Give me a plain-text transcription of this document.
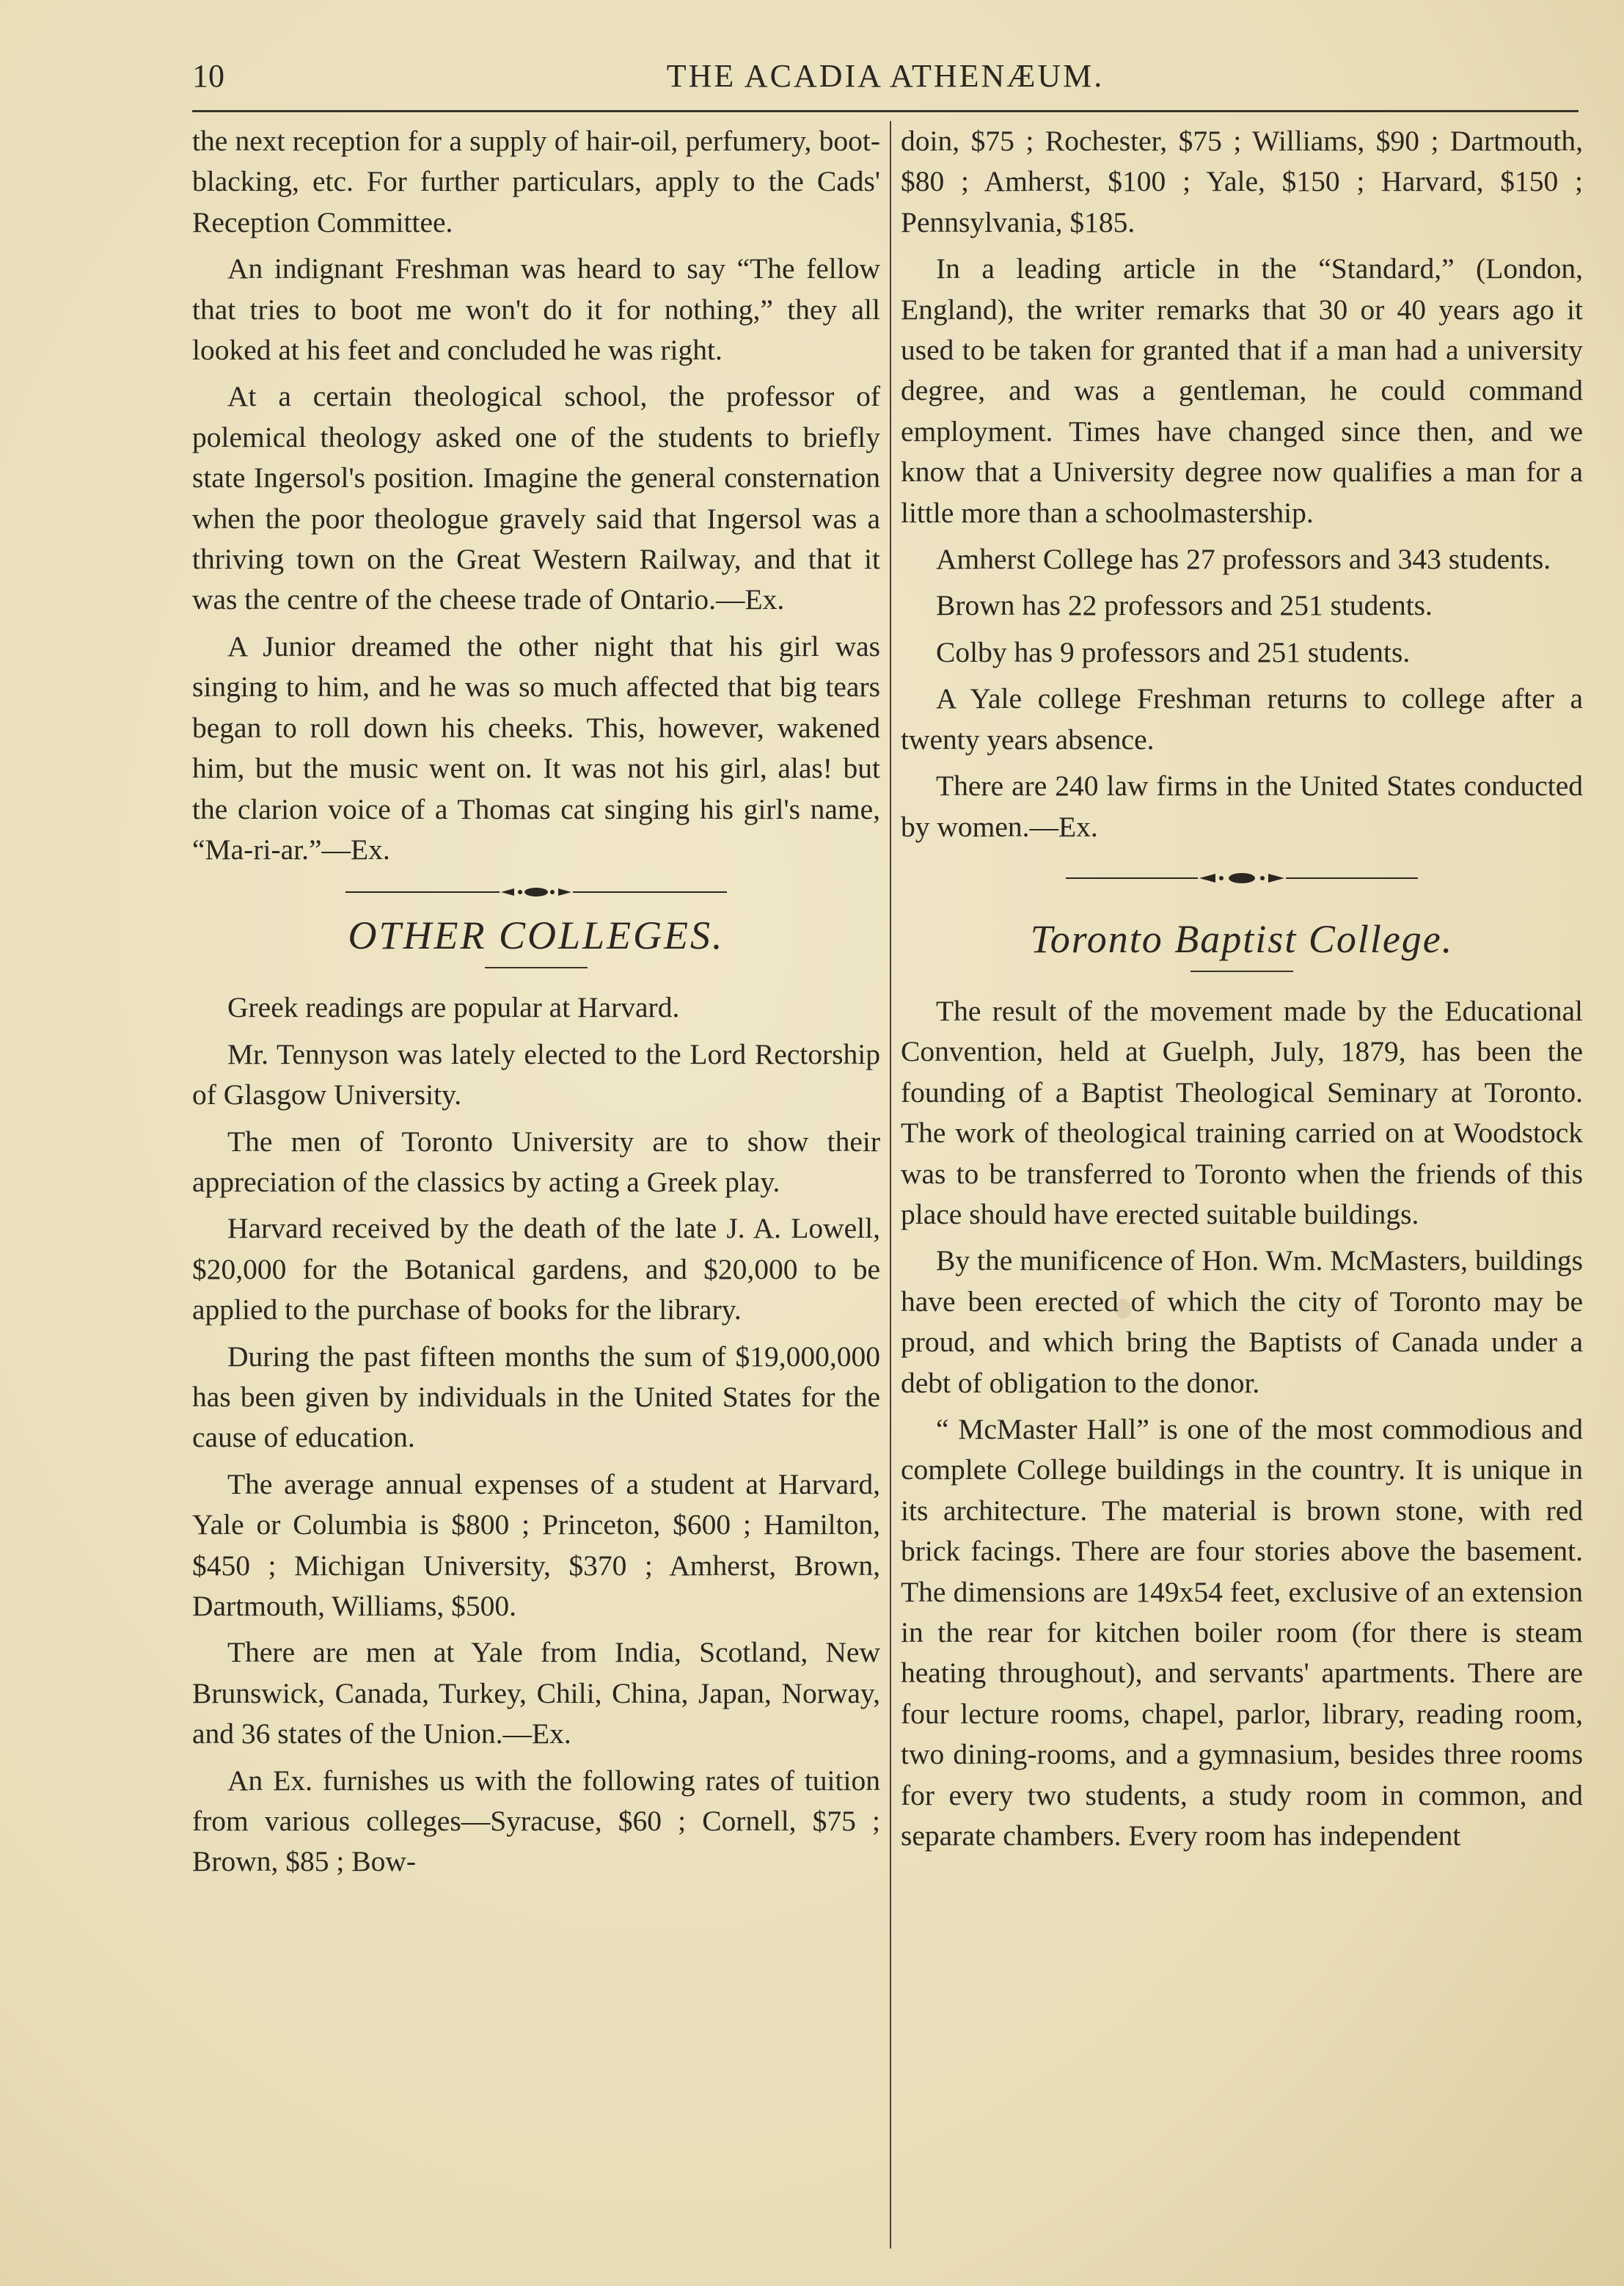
10	THE ACADIA ATHENÆUM.

the next reception for a supply of hair-oil, perfumery, boot-blacking, etc. For further particulars, apply to the Cads' Reception Committee.

An indignant Freshman was heard to say “The fellow that tries to boot me won't do it for nothing,” they all looked at his feet and concluded he was right.

At a certain theological school, the professor of polemical theology asked one of the students to briefly state Ingersol's position. Imagine the general consternation when the poor theologue gravely said that Ingersol was a thriving town on the Great Western Railway, and that it was the centre of the cheese trade of Ontario.—Ex.

A Junior dreamed the other night that his girl was singing to him, and he was so much affected that big tears began to roll down his cheeks. This, however, wakened him, but the music went on. It was not his girl, alas! but the clarion voice of a Thomas cat singing his girl's name, “Ma-ri-ar.”—Ex.

OTHER COLLEGES.

Greek readings are popular at Harvard.

Mr. Tennyson was lately elected to the Lord Rectorship of Glasgow University.

The men of Toronto University are to show their appreciation of the classics by acting a Greek play.

Harvard received by the death of the late J. A. Lowell, $20,000 for the Botanical gardens, and $20,000 to be applied to the purchase of books for the library.

During the past fifteen months the sum of $19,000,000 has been given by individuals in the United States for the cause of education.

The average annual expenses of a student at Harvard, Yale or Columbia is $800 ; Princeton, $600 ; Hamilton, $450 ; Michigan University, $370 ; Amherst, Brown, Dartmouth, Williams, $500.

There are men at Yale from India, Scotland, New Brunswick, Canada, Turkey, Chili, China, Japan, Norway, and 36 states of the Union.—Ex.

An Ex. furnishes us with the following rates of tuition from various colleges—Syracuse, $60 ; Cornell, $75 ; Brown, $85 ; Bow-

doin, $75 ; Rochester, $75 ; Williams, $90 ; Dartmouth, $80 ; Amherst, $100 ; Yale, $150 ; Harvard, $150 ; Pennsylvania, $185.

In a leading article in the “Standard,” (London, England), the writer remarks that 30 or 40 years ago it used to be taken for granted that if a man had a university degree, and was a gentleman, he could command employment. Times have changed since then, and we know that a University degree now qualifies a man for a little more than a schoolmastership.

Amherst College has 27 professors and 343 students.

Brown has 22 professors and 251 students.

Colby has 9 professors and 251 students.

A Yale college Freshman returns to college after a twenty years absence.

There are 240 law firms in the United States conducted by women.—Ex.

Toronto Baptist College.

The result of the movement made by the Educational Convention, held at Guelph, July, 1879, has been the founding of a Baptist Theological Seminary at Toronto. The work of theological training carried on at Woodstock was to be transferred to Toronto when the friends of this place should have erected suitable buildings.

By the munificence of Hon. Wm. McMasters, buildings have been erected of which the city of Toronto may be proud, and which bring the Baptists of Canada under a debt of obligation to the donor.

“ McMaster Hall” is one of the most commodious and complete College buildings in the country. It is unique in its architecture. The material is brown stone, with red brick facings. There are four stories above the basement. The dimensions are 149x54 feet, exclusive of an extension in the rear for kitchen boiler room (for there is steam heating throughout), and servants' apartments. There are four lecture rooms, chapel, parlor, library, reading room, two dining-rooms, and a gymnasium, besides three rooms for every two students, a study room in common, and separate chambers. Every room has independent
